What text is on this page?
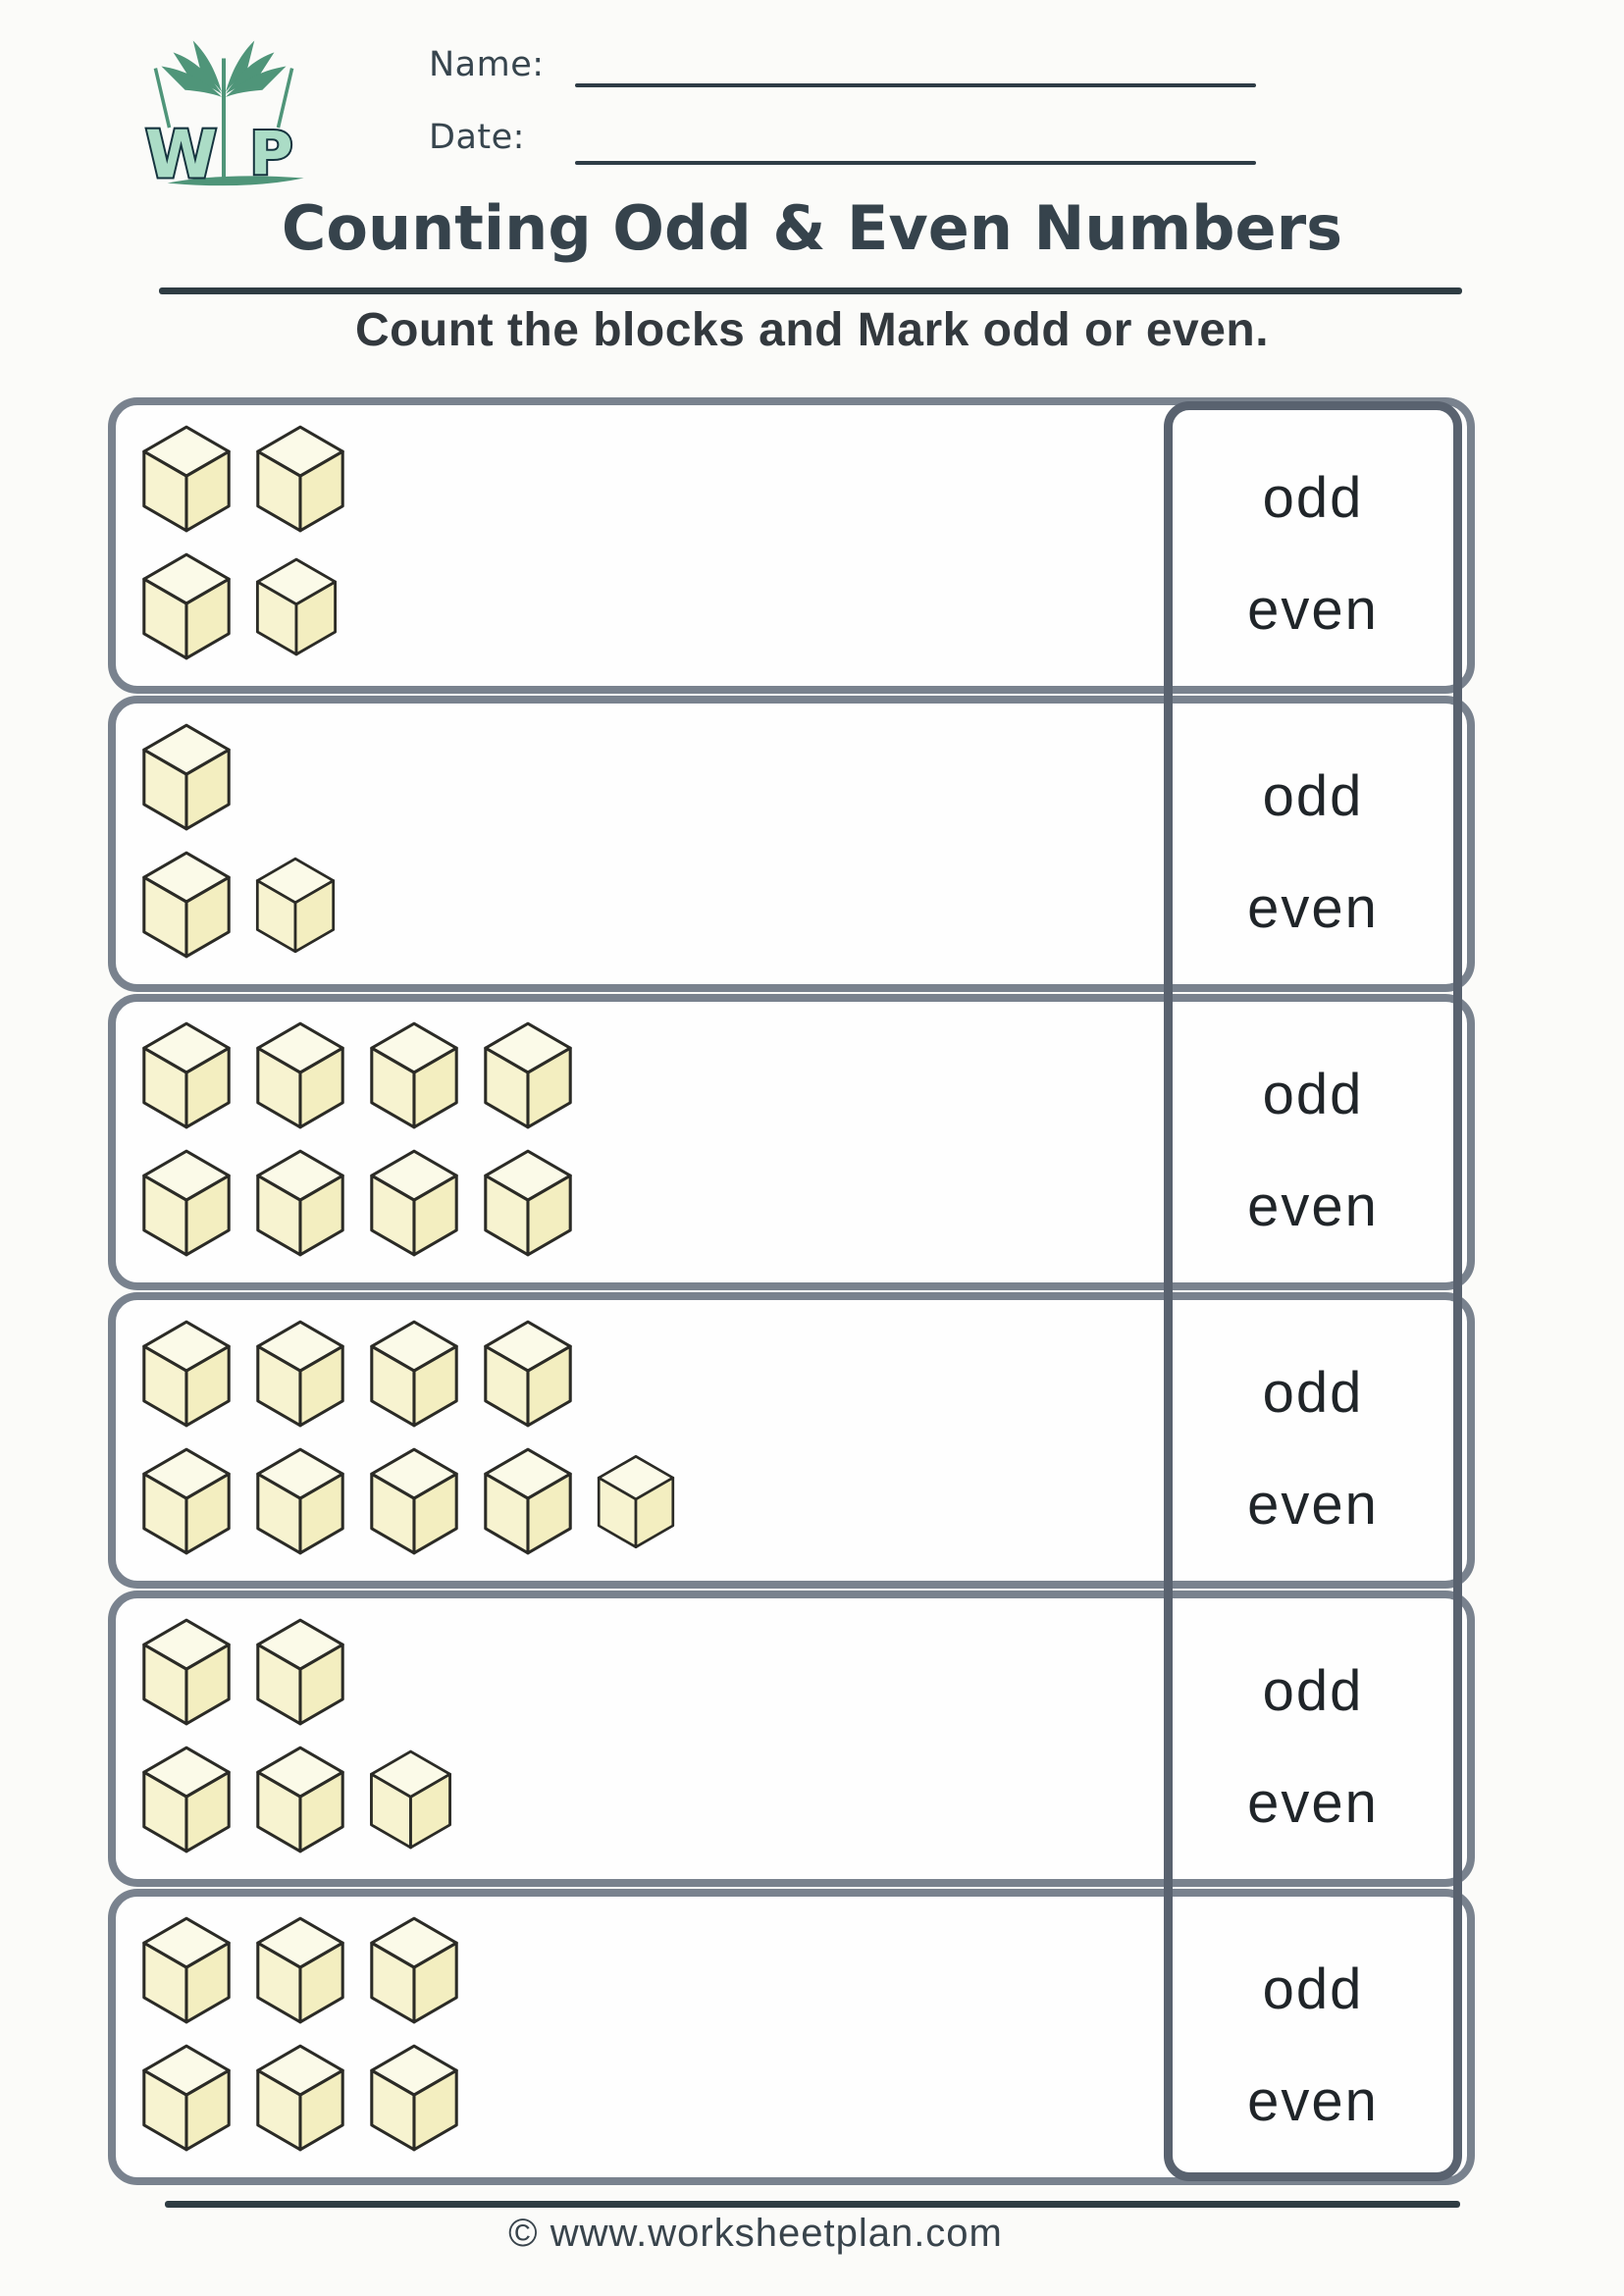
W P
Name:
Date:
Counting Odd & Even Numbers
Count the blocks and Mark odd or even.
odd
even
odd
even
odd
even
odd
even
odd
even
odd
even
© www.worksheetplan.com
